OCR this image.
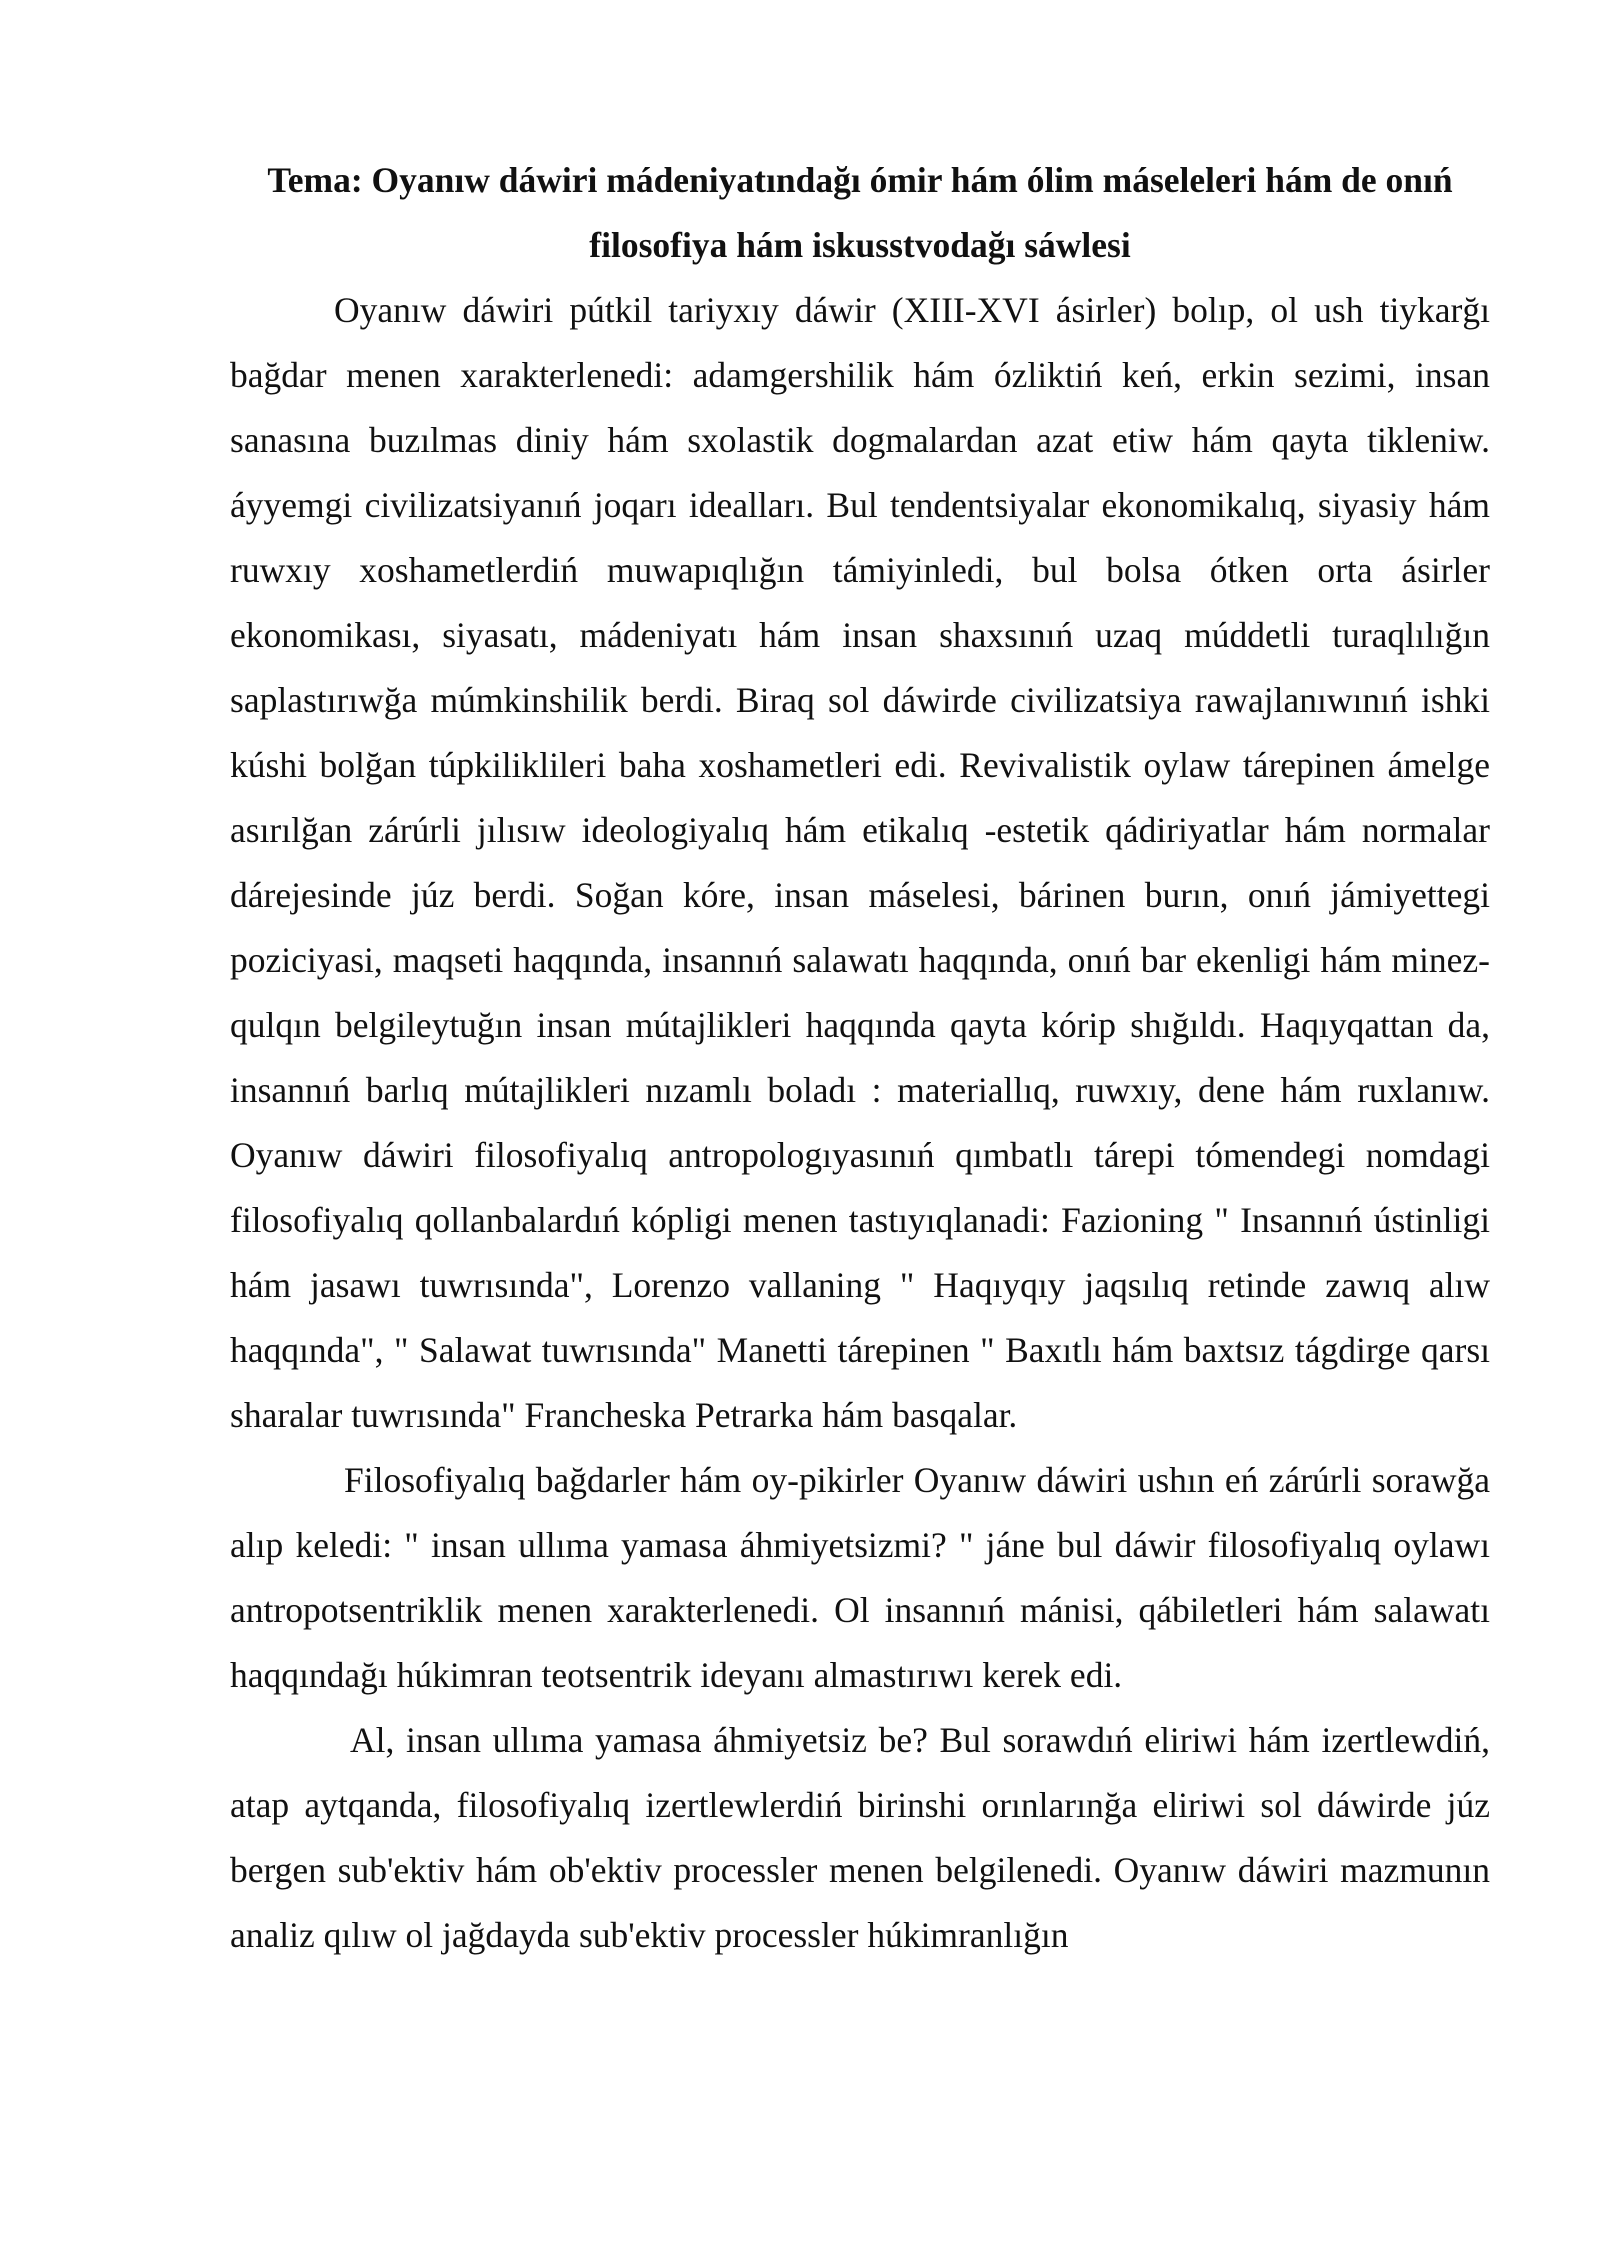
Tema: Oyanıw dáwiri mádeniyatındağı ómir hám ólim máseleleri hám de onıń
filosofiya hám iskusstvodağı sáwlesi

Oyanıw dáwiri pútkil tariyxıy dáwir (XIII-XVI ásirler) bolıp, ol ush tiykarğı bağdar menen xarakterlenedi: adamgershilik hám ózliktiń keń, erkin sezimi, insan sanasına buzılmas diniy hám sxolastik dogmalardan azat etiw hám qayta tikleniw. áyyemgi civilizatsiyanıń joqarı idealları. Bul tendentsiyalar ekonomikalıq, siyasiy hám ruwxıy xoshametlerdiń muwapıqlığın támiyinledi, bul bolsa ótken orta ásirler ekonomikası, siyasatı, mádeniyatı hám insan shaxsınıń uzaq múddetli turaqlılığın saplastırıwğa múmkinshilik berdi. Biraq sol dáwirde civilizatsiya rawajlanıwınıń ishki kúshi bolğan túpkiliklileri baha xoshametleri edi. Revivalistik oylaw tárepinen ámelge asırılğan zárúrli jılısıw ideologiyalıq hám etikalıq -estetik qádiriyatlar hám normalar dárejesinde júz berdi. Soğan kóre, insan máselesi, bárinen burın, onıń jámiyettegi poziciyasi, maqseti haqqında, insannıń salawatı haqqında, onıń bar ekenligi hám minez-qulqın belgileytuğın insan mútajlikleri haqqında qayta kórip shığıldı. Haqıyqattan da, insannıń barlıq mútajlikleri nızamlı boladı : materiallıq, ruwxıy, dene hám ruxlanıw. Oyanıw dáwiri filosofiyalıq antropologıyasınıń qımbatlı tárepi tómendegi nomdagi filosofiyalıq qollanbalardıń kópligi menen tastıyıqlanadi: Fazioning " Insannıń ústinligi hám jasawı tuwrısında", Lorenzo vallaning " Haqıyqıy jaqsılıq retinde zawıq alıw haqqında", " Salawat tuwrısında" Manetti tárepinen " Baxıtlı hám baxtsız tágdirge qarsı sharalar tuwrısında" Francheska Petrarka hám basqalar.

Filosofiyalıq bağdarler hám oy-pikirler Oyanıw dáwiri ushın eń zárúrli sorawğa alıp keledi: " insan ullıma yamasa áhmiyetsizmi? " jáne bul dáwir filosofiyalıq oylawı antropotsentriklik menen xarakterlenedi. Ol insannıń mánisi, qábiletleri hám salawatı haqqındağı húkimran teotsentrik ideyanı almastırıwı kerek edi.

Al, insan ullıma yamasa áhmiyetsiz be? Bul sorawdıń eliriwi hám izertlewdiń, atap aytqanda, filosofiyalıq izertlewlerdiń birinshi orınlarınğa eliriwi sol dáwirde júz bergen sub'ektiv hám ob'ektiv processler menen belgilenedi. Oyanıw dáwiri mazmunın analiz qılıw ol jağdayda sub'ektiv processler húkimranlığın
